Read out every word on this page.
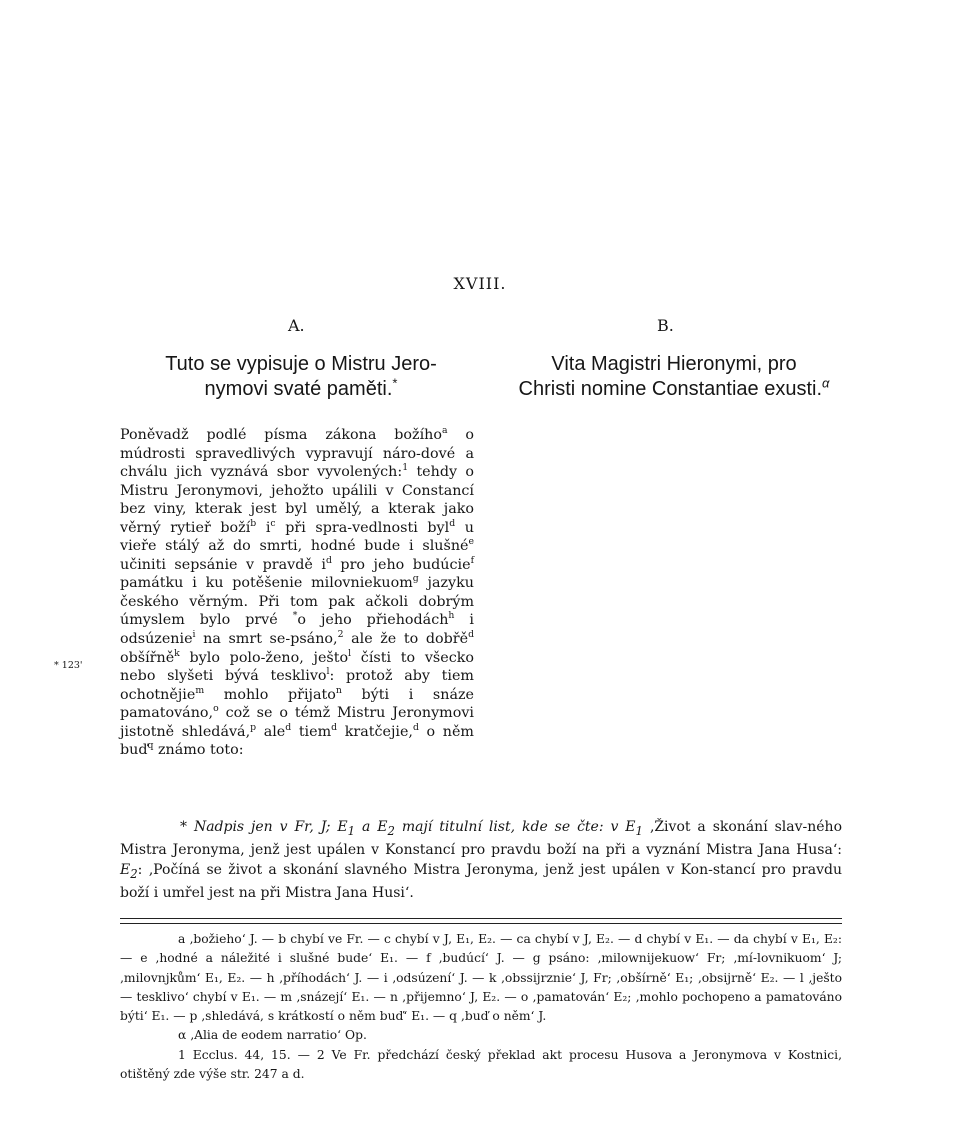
XVIII.
A.	B.
Tuto se vypisuje o Mistru Jero-
nymovi svaté paměti.*
Vita Magistri Hieronymi, pro
Christi nomine Constantiae exusti.$^\alpha$
* 123'
Poněvadž podlé písma zákona božího$^a$ o múdrosti spravedlivých vypravují náro-dové a chválu jich vyznává sbor vyvolených:$^1$ tehdy o Mistru Jeronymovi, jehožto upálili v Constancí bez viny, kterak jest byl umělý, a kterak jako věrný rytieř boží$^b$ $i^c$ při spra-vedlnosti byl$^d$ u vieře stálý až do smrti, hodné bude i slušné$^e$ učiniti sepsánie v pravdě $i^d$ pro jeho budúcie$^f$ památku i ku potěšenie milovniekuom$^g$ jazyku českého věrným. Při tom pak ačkoli dobrým úmyslem bylo prvé *o jeho přiehodách$^h$ i odsúzenie$^i$ na smrt se-psáno,$^2$ ale že to dobřě$^d$ obšířně$^k$ bylo polo-ženo, ješto$^l$ čísti to všecko nebo slyšeti bývá tesklivo$^l$: protož aby tiem ochotnějie$^m$ mohlo přijato$^n$ býti i snáze pamatováno,$^o$ což se o témž Mistru Jeronymovi jistotně shledává,$^p$ ale$^d$ tiem$^d$ kratčejie,$^d$ o něm buď$^q$ známo toto:

* Nadpis jen v Fr, J; $E_1$ a $E_2$ mají titulní list, kde se čte: v $E_1$ ‚Život a skonání slav-ného Mistra Jeronyma, jenž jest upálen v Konstancí pro pravdu boží na při a vyznání Mistra Jana Husa‘: $E_2$: ‚Počíná se život a skonání slavného Mistra Jeronyma, jenž jest upálen v Kon-stancí pro pravdu boží i umřel jest na při Mistra Jana Husi‘.

a ‚božieho‘ J. — b chybí ve Fr. — c chybí v J, E₁, E₂. — ca chybí v J, E₂. — d chybí v E₁. — da chybí v E₁, E₂: — e ‚hodné a náležité i slušné bude‘ E₁. — f ‚budúcí‘ J. — g psáno: ‚milownijekuow‘ Fr; ‚mí-lovnikuom‘ J; ‚milovnjkům‘ E₁, E₂. — h ‚příhodách‘ J. — i ‚odsúzení‘ J. — k ‚obssijrznie‘ J, Fr; ‚obšírně‘ E₁; ‚obsijrně‘ E₂. — l ‚ješto — tesklivo‘ chybí v E₁. — m ‚snázejí‘ E₁. — n ‚přijemno‘ J, E₂. — o ‚pamatován‘ E₂; ‚mohlo pochopeno a pamatováno býti‘ E₁. — p ‚shledává, s krátkostí o něm buď‘ E₁. — q ‚buď o něm‘ J.

α ‚Alia de eodem narratio‘ Op.

1 Ecclus. 44, 15. — 2 Ve Fr. předchází český překlad akt procesu Husova a Jeronymova v Kostnici, otištěný zde výše str. 247 a d.
